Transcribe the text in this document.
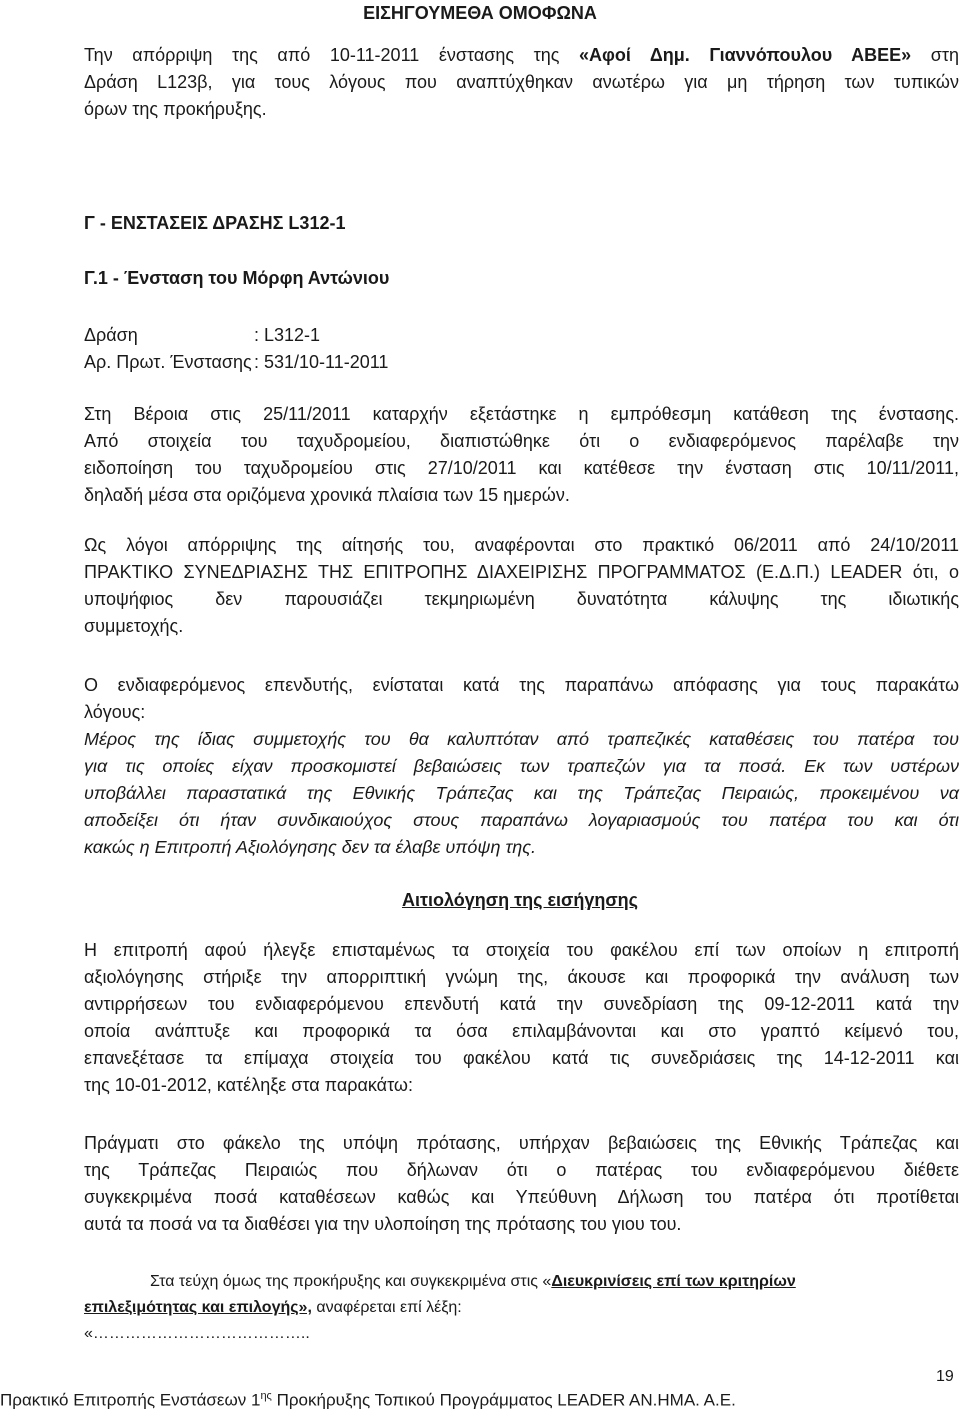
ΕΙΣΗΓΟΥΜΕΘΑ ΟΜΟΦΩΝΑ
Την απόρριψη της από 10-11-2011 ένστασης της «Αφοί Δημ. Γιαννόπουλου ΑΒΕΕ» στη
Δράση L123β, για τους λόγους που αναπτύχθηκαν ανωτέρω για μη τήρηση των τυπικών
όρων της προκήρυξης.
Γ - ΕΝΣΤΑΣΕΙΣ ΔΡΑΣΗΣ L312-1
Γ.1 - Ένσταση του Μόρφη Αντώνιου
Δράση	: L312-1
Αρ. Πρωτ. Ένστασης : 531/10-11-2011
Στη Βέροια στις 25/11/2011 καταρχήν εξετάστηκε η εμπρόθεσμη κατάθεση της ένστασης.
Από στοιχεία του ταχυδρομείου, διαπιστώθηκε ότι ο ενδιαφερόμενος παρέλαβε την
ειδοποίηση του ταχυδρομείου στις 27/10/2011 και κατέθεσε την ένσταση στις 10/11/2011,
δηλαδή μέσα στα οριζόμενα χρονικά πλαίσια των 15 ημερών.
Ως λόγοι απόρριψης της αίτησής του, αναφέρονται στο πρακτικό 06/2011 από 24/10/2011
ΠΡΑΚΤΙΚΟ ΣΥΝΕΔΡΙΑΣΗΣ ΤΗΣ ΕΠΙΤΡΟΠΗΣ ΔΙΑΧΕΙΡΙΣΗΣ ΠΡΟΓΡΑΜΜΑΤΟΣ (Ε.Δ.Π.) LEADER ότι, ο
υποψήφιος δεν παρουσιάζει τεκμηριωμένη δυνατότητα κάλυψης της ιδιωτικής
συμμετοχής.
Ο ενδιαφερόμενος επενδυτής, ενίσταται κατά της παραπάνω απόφασης για τους παρακάτω
λόγους:
Μέρος της ίδιας συμμετοχής του θα καλυπτόταν από τραπεζικές καταθέσεις του πατέρα του
για τις οποίες είχαν προσκομιστεί βεβαιώσεις των τραπεζών για τα ποσά. Εκ των υστέρων
υποβάλλει παραστατικά της Εθνικής Τράπεζας και της Τράπεζας Πειραιώς, προκειμένου να
αποδείξει ότι ήταν συνδικαιούχος στους παραπάνω λογαριασμούς του πατέρα του και ότι
κακώς η Επιτροπή Αξιολόγησης δεν τα έλαβε υπόψη της.
Αιτιολόγηση της εισήγησης
Η επιτροπή αφού ήλεγξε επισταμένως τα στοιχεία του φακέλου επί των οποίων η επιτροπή
αξιολόγησης στήριξε την απορριπτική γνώμη της, άκουσε και προφορικά την ανάλυση των
αντιρρήσεων του ενδιαφερόμενου επενδυτή κατά την συνεδρίαση της 09-12-2011 κατά την
οποία ανάπτυξε και προφορικά τα όσα επιλαμβάνονται και στο γραπτό κείμενό του,
επανεξέτασε τα επίμαχα στοιχεία του φακέλου κατά τις συνεδριάσεις της 14-12-2011 και
της 10-01-2012, κατέληξε στα παρακάτω:
Πράγματι στο φάκελο της υπόψη πρότασης, υπήρχαν βεβαιώσεις της Εθνικής Τράπεζας και
της Τράπεζας Πειραιώς που δήλωναν ότι ο πατέρας του ενδιαφερόμενου διέθετε
συγκεκριμένα ποσά καταθέσεων καθώς και Υπεύθυνη Δήλωση του πατέρα ότι προτίθεται
αυτά τα ποσά να τα διαθέσει για την υλοποίηση της πρότασης του γιου του.
Στα τεύχη όμως της προκήρυξης και συγκεκριμένα στις «Διευκρινίσεις επί των κριτηρίων
επιλεξιμότητας και επιλογής», αναφέρεται επί λέξη:
«…………………………………..
19
Πρακτικό Επιτροπής Ενστάσεων $1^{\eta\varsigma}$ Προκήρυξης Τοπικού Προγράμματος LEADER AN.HMA. A.E.
